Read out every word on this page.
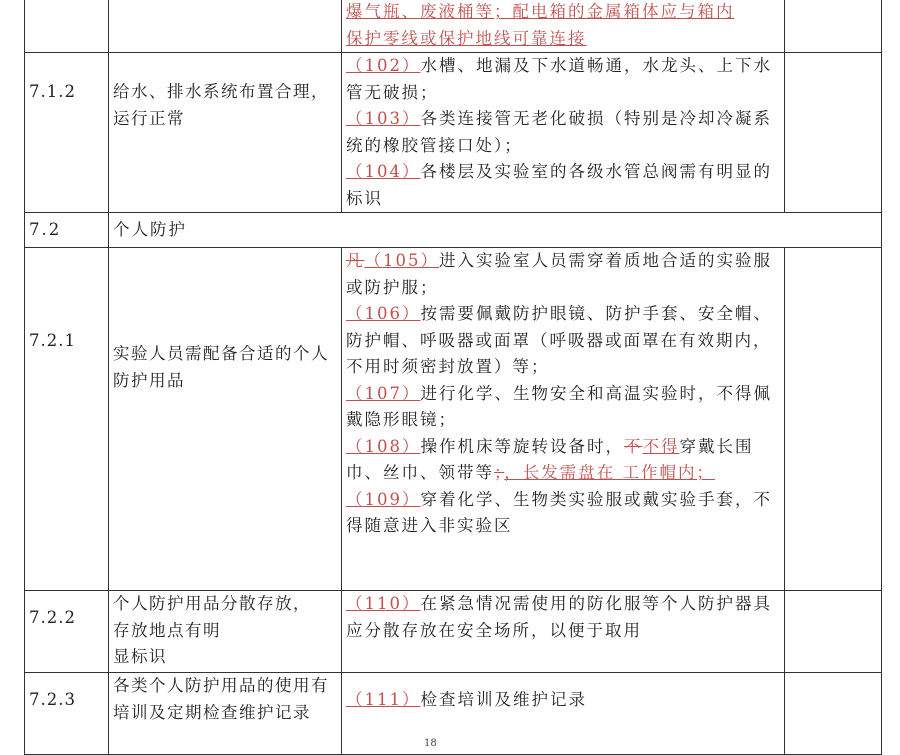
		爆气瓶、废液桶等；配电箱的金属箱体应与箱内
保护零线或保护地线可靠连接	

7.1.2	给水、排水系统布置合理，运行正常	（102）水槽、地漏及下水道畅通，水龙头、上下水管无破损；
（103）各类连接管无老化破损（特别是冷却冷凝系统的橡胶管接口处）；
（104）各楼层及实验室的各级水管总阀需有明显的标识	

7.2	个人防护		
7.2.1	实验人员需配备合适的个人防护用品	凡（105）进入实验室人员需穿着质地合适的实验服或防护服；
（106）按需要佩戴防护眼镜、防护手套、安全帽、防护帽、呼吸器或面罩（呼吸器或面罩在有效期内，不用时须密封放置）等；
（107）进行化学、生物安全和高温实验时，不得佩戴隐形眼镜；
（108）操作机床等旋转设备时，不不得穿戴长围巾、丝巾、领带等；，长发需盘在 工作帽内；
（109）穿着化学、生物类实验服或戴实验手套，不得随意进入非实验区	

7.2.2	个人防护用品分散存放，
存放地点有明
显标识	（110）在紧急情况需使用的防化服等个人防护器具应分散存放在安全场所，以便于取用	

7.2.3	各类个人防护用品的使用有培训及定期检查维护记录	（111）检查培训及维护记录	

18
